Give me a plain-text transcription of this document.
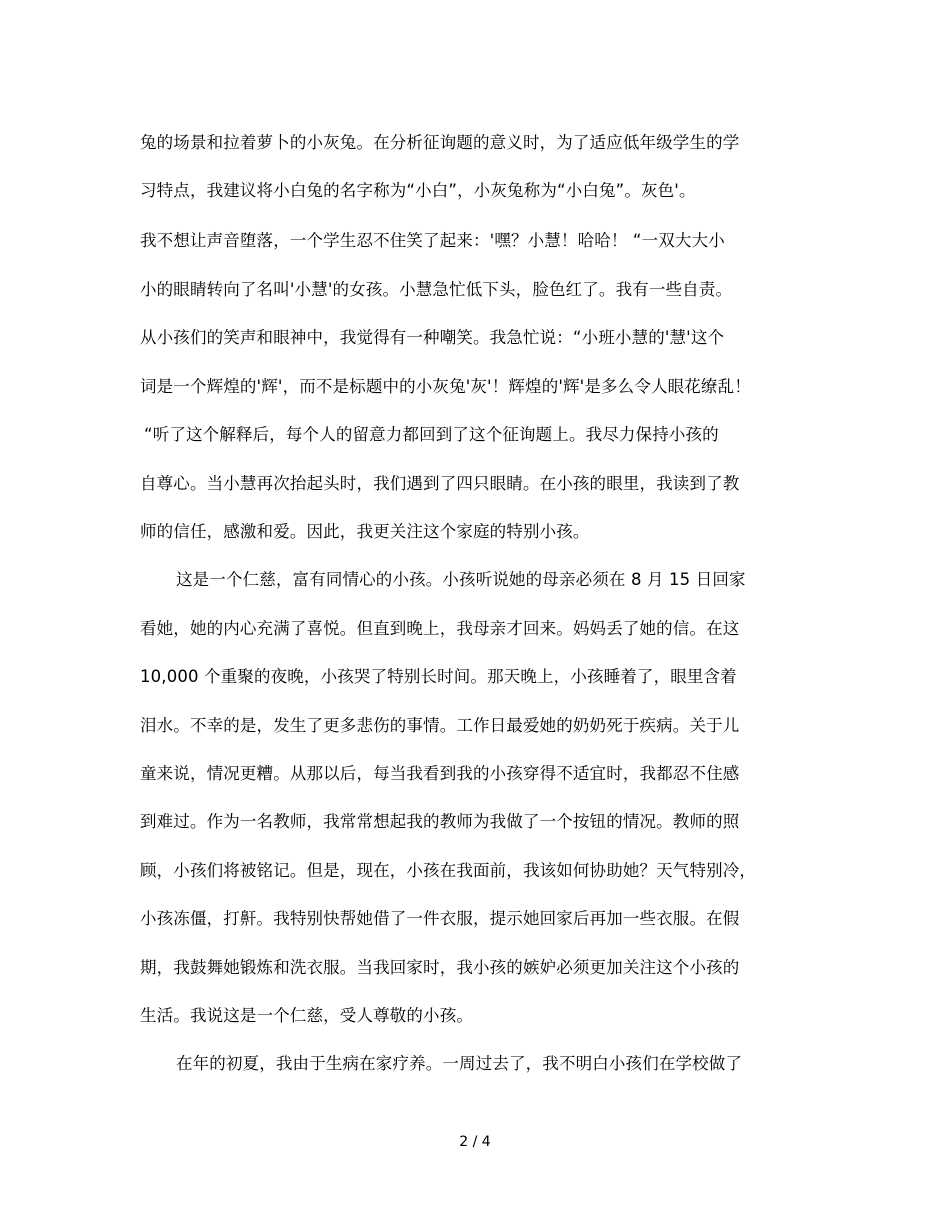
兔的场景和拉着萝卜的小灰兔。在分析征询题的意义时，为了适应低年级学生的学
习特点，我建议将小白兔的名字称为“小白”，小灰兔称为“小白兔”。灰色'。
我不想让声音堕落，一个学生忍不住笑了起来：'嘿？小慧！哈哈！ “一双大大小
小的眼睛转向了名叫'小慧'的女孩。小慧急忙低下头，脸色红了。我有一些自责。
从小孩们的笑声和眼神中，我觉得有一种嘲笑。我急忙说：“小班小慧的'慧'这个
词是一个辉煌的'辉'，而不是标题中的小灰兔'灰'！辉煌的'辉'是多么令人眼花缭乱！
“听了这个解释后，每个人的留意力都回到了这个征询题上。我尽力保持小孩的
自尊心。当小慧再次抬起头时，我们遇到了四只眼睛。在小孩的眼里，我读到了教
师的信任，感激和爱。因此，我更关注这个家庭的特别小孩。
这是一个仁慈，富有同情心的小孩。小孩听说她的母亲必须在 8 月 15 日回家
看她，她的内心充满了喜悦。但直到晚上，我母亲才回来。妈妈丢了她的信。在这
10,000 个重聚的夜晚，小孩哭了特别长时间。那天晚上，小孩睡着了，眼里含着
泪水。不幸的是，发生了更多悲伤的事情。工作日最爱她的奶奶死于疾病。关于儿
童来说，情况更糟。从那以后，每当我看到我的小孩穿得不适宜时，我都忍不住感
到难过。作为一名教师，我常常想起我的教师为我做了一个按钮的情况。教师的照
顾，小孩们将被铭记。但是，现在，小孩在我面前，我该如何协助她？天气特别冷，
小孩冻僵，打鼾。我特别快帮她借了一件衣服，提示她回家后再加一些衣服。在假
期，我鼓舞她锻炼和洗衣服。当我回家时，我小孩的嫉妒必须更加关注这个小孩的
生活。我说这是一个仁慈，受人尊敬的小孩。
在年的初夏，我由于生病在家疗养。一周过去了，我不明白小孩们在学校做了
2 / 4
